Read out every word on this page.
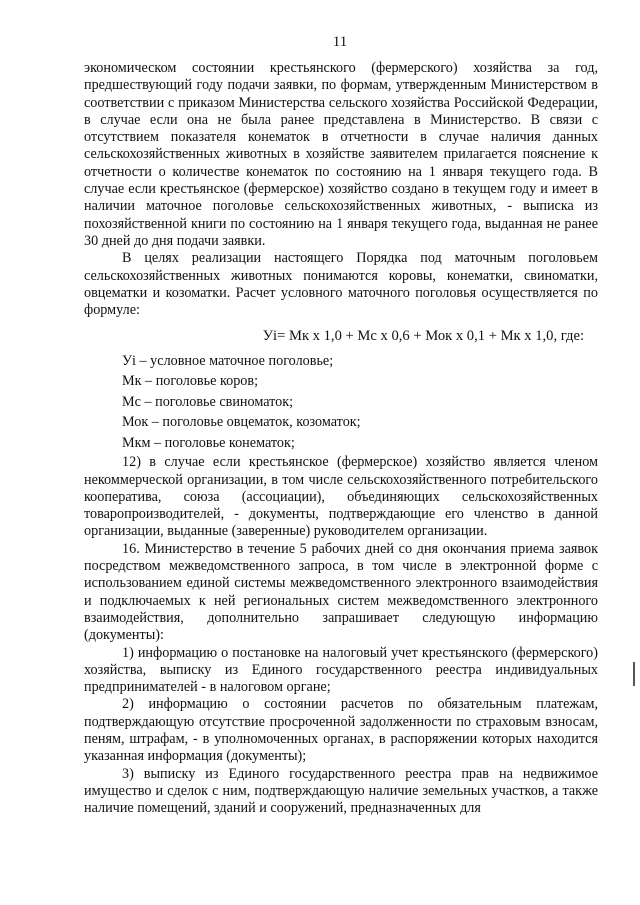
11

экономическом состоянии крестьянского (фермерского) хозяйства за год, предшествующий году подачи заявки, по формам, утвержденным Министерством в соответствии с приказом Министерства сельского хозяйства Российской Федерации, в случае если она не была ранее представлена в Министерство. В связи с отсутствием показателя конематок в отчетности в случае наличия данных сельскохозяйственных животных в хозяйстве заявителем прилагается пояснение к отчетности о количестве конематок по состоянию на 1 января текущего года. В случае если крестьянское (фермерское) хозяйство создано в текущем году и имеет в наличии маточное поголовье сельскохозяйственных животных, - выписка из похозяйственной книги по состоянию на 1 января текущего года, выданная не ранее 30 дней до дня подачи заявки.

В целях реализации настоящего Порядка под маточным поголовьем сельскохозяйственных животных понимаются коровы, конематки, свиноматки, овцематки и козоматки. Расчет условного маточного поголовья осуществляется по формуле:

Уi= Мк х 1,0 + Мс х 0,6 + Мок х 0,1 + Мк х 1,0, где:

Уi – условное маточное поголовье;

Мк – поголовье коров;

Мс – поголовье свиноматок;

Мок – поголовье овцематок, козоматок;

Мкм – поголовье конематок;

12) в случае если крестьянское (фермерское) хозяйство является членом некоммерческой организации, в том числе сельскохозяйственного потребительского кооператива, союза (ассоциации), объединяющих сельскохозяйственных товаропроизводителей, - документы, подтверждающие его членство в данной организации, выданные (заверенные) руководителем организации.

16. Министерство в течение 5 рабочих дней со дня окончания приема заявок посредством межведомственного запроса, в том числе в электронной форме с использованием единой системы межведомственного электронного взаимодействия и подключаемых к ней региональных систем межведомственного электронного взаимодействия, дополнительно запрашивает следующую информацию (документы):

1) информацию о постановке на налоговый учет крестьянского (фермерского) хозяйства, выписку из Единого государственного реестра индивидуальных предпринимателей - в налоговом органе;

2) информацию о состоянии расчетов по обязательным платежам, подтверждающую отсутствие просроченной задолженности по страховым взносам, пеням, штрафам, - в уполномоченных органах, в распоряжении которых находится указанная информация (документы);

3) выписку из Единого государственного реестра прав на недвижимое имущество и сделок с ним, подтверждающую наличие земельных участков, а также наличие помещений, зданий и сооружений, предназначенных для
